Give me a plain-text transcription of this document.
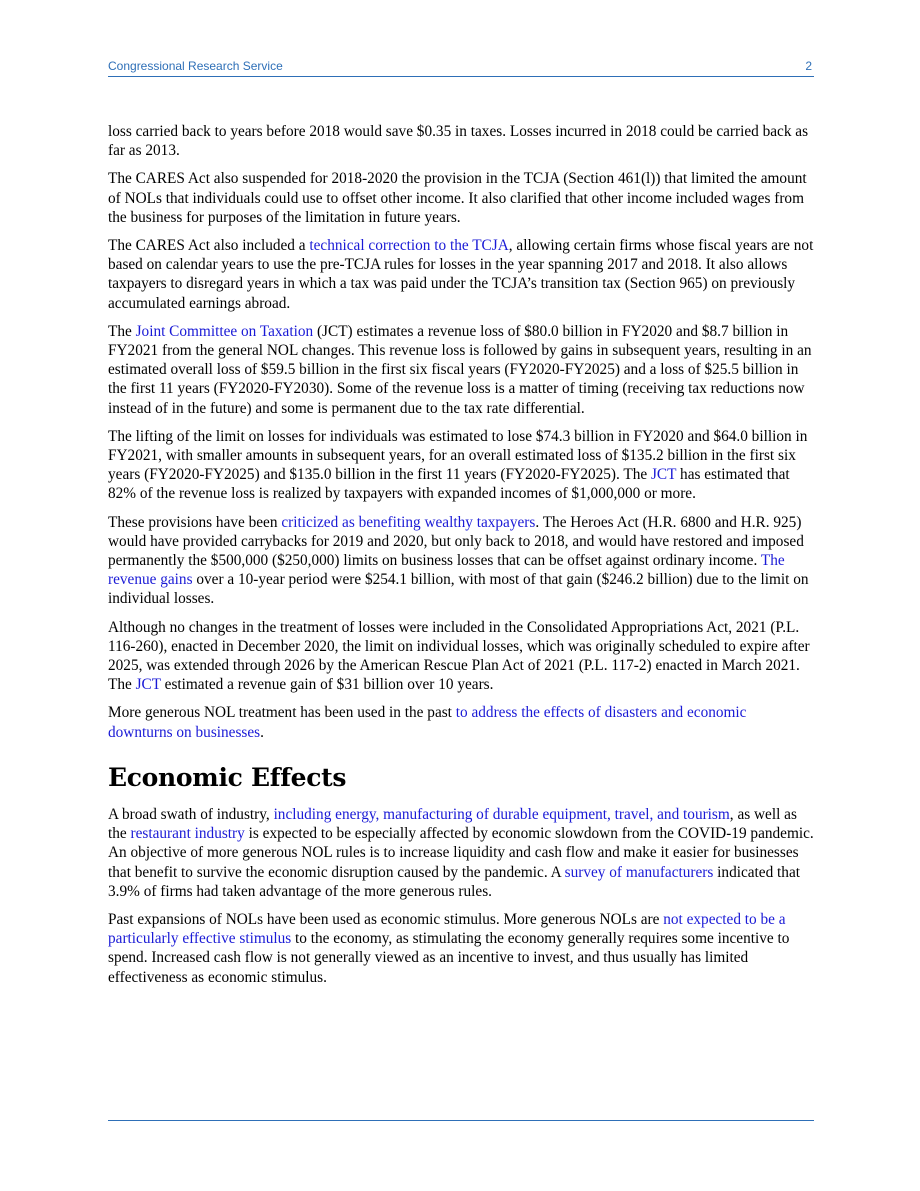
Congressional Research Service	2

loss carried back to years before 2018 would save $0.35 in taxes. Losses incurred in 2018 could be carried back as far as 2013.

The CARES Act also suspended for 2018-2020 the provision in the TCJA (Section 461(l)) that limited the amount of NOLs that individuals could use to offset other income. It also clarified that other income included wages from the business for purposes of the limitation in future years.

The CARES Act also included a technical correction to the TCJA, allowing certain firms whose fiscal years are not based on calendar years to use the pre-TCJA rules for losses in the year spanning 2017 and 2018. It also allows taxpayers to disregard years in which a tax was paid under the TCJA’s transition tax (Section 965) on previously accumulated earnings abroad.

The Joint Committee on Taxation (JCT) estimates a revenue loss of $80.0 billion in FY2020 and $8.7 billion in FY2021 from the general NOL changes. This revenue loss is followed by gains in subsequent years, resulting in an estimated overall loss of $59.5 billion in the first six fiscal years (FY2020-FY2025) and a loss of $25.5 billion in the first 11 years (FY2020-FY2030). Some of the revenue loss is a matter of timing (receiving tax reductions now instead of in the future) and some is permanent due to the tax rate differential.

The lifting of the limit on losses for individuals was estimated to lose $74.3 billion in FY2020 and $64.0 billion in FY2021, with smaller amounts in subsequent years, for an overall estimated loss of $135.2 billion in the first six years (FY2020-FY2025) and $135.0 billion in the first 11 years (FY2020-FY2025). The JCT has estimated that 82% of the revenue loss is realized by taxpayers with expanded incomes of $1,000,000 or more.

These provisions have been criticized as benefiting wealthy taxpayers. The Heroes Act (H.R. 6800 and H.R. 925) would have provided carrybacks for 2019 and 2020, but only back to 2018, and would have restored and imposed permanently the $500,000 ($250,000) limits on business losses that can be offset against ordinary income. The revenue gains over a 10-year period were $254.1 billion, with most of that gain ($246.2 billion) due to the limit on individual losses.

Although no changes in the treatment of losses were included in the Consolidated Appropriations Act, 2021 (P.L. 116-260), enacted in December 2020, the limit on individual losses, which was originally scheduled to expire after 2025, was extended through 2026 by the American Rescue Plan Act of 2021 (P.L. 117-2) enacted in March 2021. The JCT estimated a revenue gain of $31 billion over 10 years.

More generous NOL treatment has been used in the past to address the effects of disasters and economic downturns on businesses.

Economic Effects

A broad swath of industry, including energy, manufacturing of durable equipment, travel, and tourism, as well as the restaurant industry is expected to be especially affected by economic slowdown from the COVID-19 pandemic. An objective of more generous NOL rules is to increase liquidity and cash flow and make it easier for businesses that benefit to survive the economic disruption caused by the pandemic. A survey of manufacturers indicated that 3.9% of firms had taken advantage of the more generous rules.

Past expansions of NOLs have been used as economic stimulus. More generous NOLs are not expected to be a particularly effective stimulus to the economy, as stimulating the economy generally requires some incentive to spend. Increased cash flow is not generally viewed as an incentive to invest, and thus usually has limited effectiveness as economic stimulus.
